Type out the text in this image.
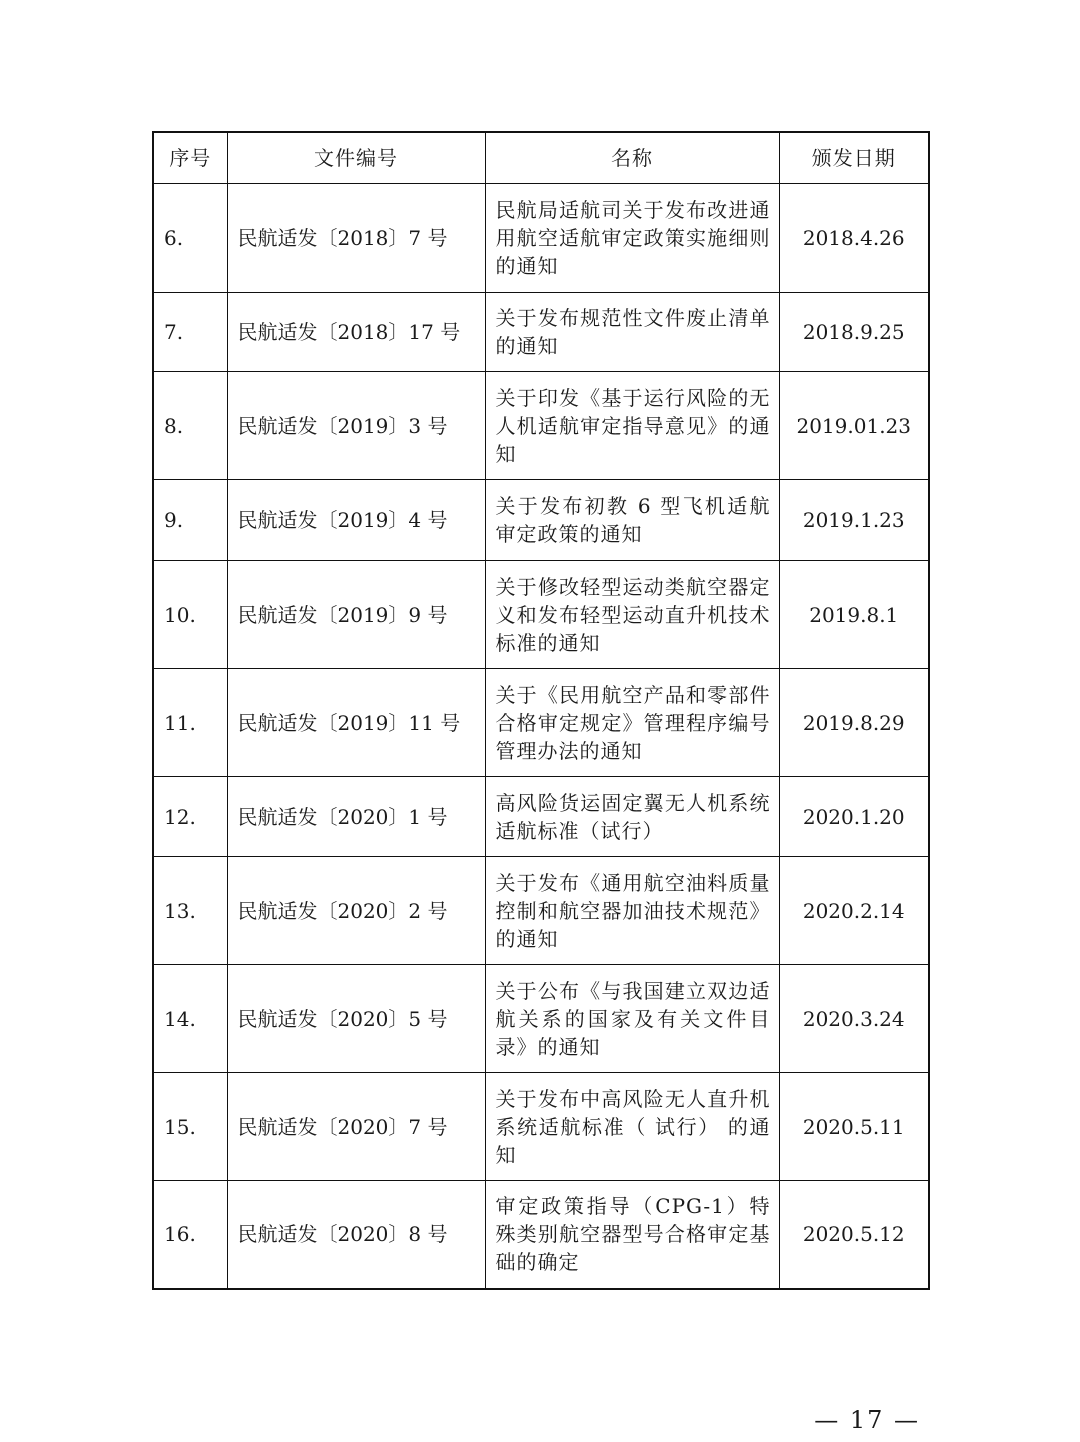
序号	文件编号	名称	颁发日期
6.	民航适发〔2018〕7 号	民航局适航司关于发布改进通用航空适航审定政策实施细则的通知	2018.4.26
7.	民航适发〔2018〕17 号	关于发布规范性文件废止清单的通知	2018.9.25
8.	民航适发〔2019〕3 号	关于印发《基于运行风险的无人机适航审定指导意见》的通知	2019.01.23
9.	民航适发〔2019〕4 号	关于发布初教 6 型飞机适航审定政策的通知	2019.1.23
10.	民航适发〔2019〕9 号	关于修改轻型运动类航空器定义和发布轻型运动直升机技术标准的通知	2019.8.1
11.	民航适发〔2019〕11 号	关于《民用航空产品和零部件合格审定规定》管理程序编号管理办法的通知	2019.8.29
12.	民航适发〔2020〕1 号	高风险货运固定翼无人机系统适航标准（试行）	2020.1.20
13.	民航适发〔2020〕2 号	关于发布《通用航空油料质量控制和航空器加油技术规范》的通知	2020.2.14
14.	民航适发〔2020〕5 号	关于公布《与我国建立双边适航关系的国家及有关文件目录》的通知	2020.3.24
15.	民航适发〔2020〕7 号	关于发布中高风险无人直升机系统适航标准（ 试行） 的通知	2020.5.11
16.	民航适发〔2020〕8 号	审定政策指导（CPG-1）特殊类别航空器型号合格审定基础的确定	2020.5.12
— 17 —
